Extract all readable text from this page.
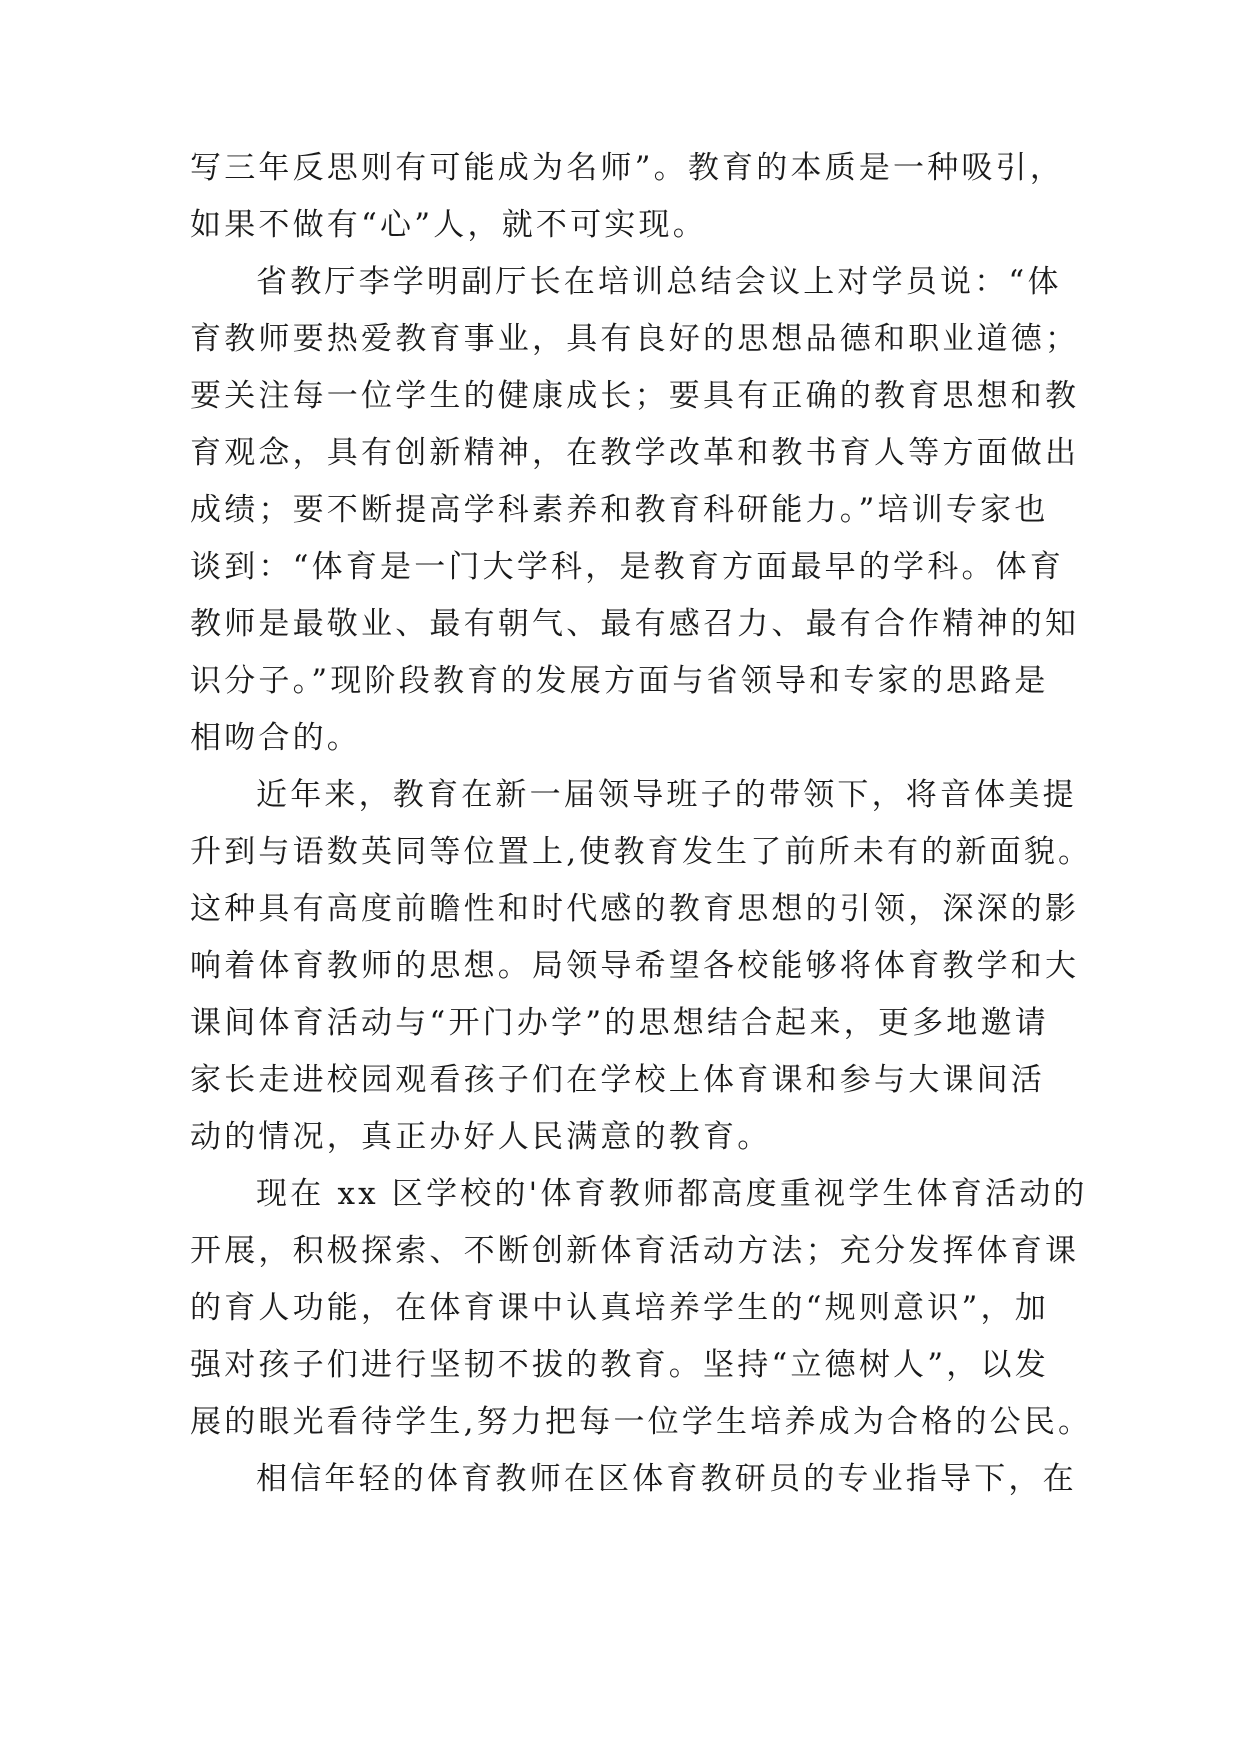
写三年反思则有可能成为名师”。教育的本质是一种吸引，
如果不做有“心”人，就不可实现。
省教厅李学明副厅长在培训总结会议上对学员说：“体
育教师要热爱教育事业，具有良好的思想品德和职业道德；
要关注每一位学生的健康成长；要具有正确的教育思想和教
育观念，具有创新精神，在教学改革和教书育人等方面做出
成绩；要不断提高学科素养和教育科研能力。”培训专家也
谈到：“体育是一门大学科，是教育方面最早的学科。体育
教师是最敬业、最有朝气、最有感召力、最有合作精神的知
识分子。”现阶段教育的发展方面与省领导和专家的思路是
相吻合的。
近年来，教育在新一届领导班子的带领下，将音体美提
升到与语数英同等位置上,使教育发生了前所未有的新面貌。
这种具有高度前瞻性和时代感的教育思想的引领，深深的影
响着体育教师的思想。局领导希望各校能够将体育教学和大
课间体育活动与“开门办学”的思想结合起来，更多地邀请
家长走进校园观看孩子们在学校上体育课和参与大课间活
动的情况，真正办好人民满意的教育。
现在 xx 区学校的'体育教师都高度重视学生体育活动的
开展，积极探索、不断创新体育活动方法；充分发挥体育课
的育人功能，在体育课中认真培养学生的“规则意识”，加
强对孩子们进行坚韧不拔的教育。坚持“立德树人”，以发
展的眼光看待学生,努力把每一位学生培养成为合格的公民。
相信年轻的体育教师在区体育教研员的专业指导下，在
